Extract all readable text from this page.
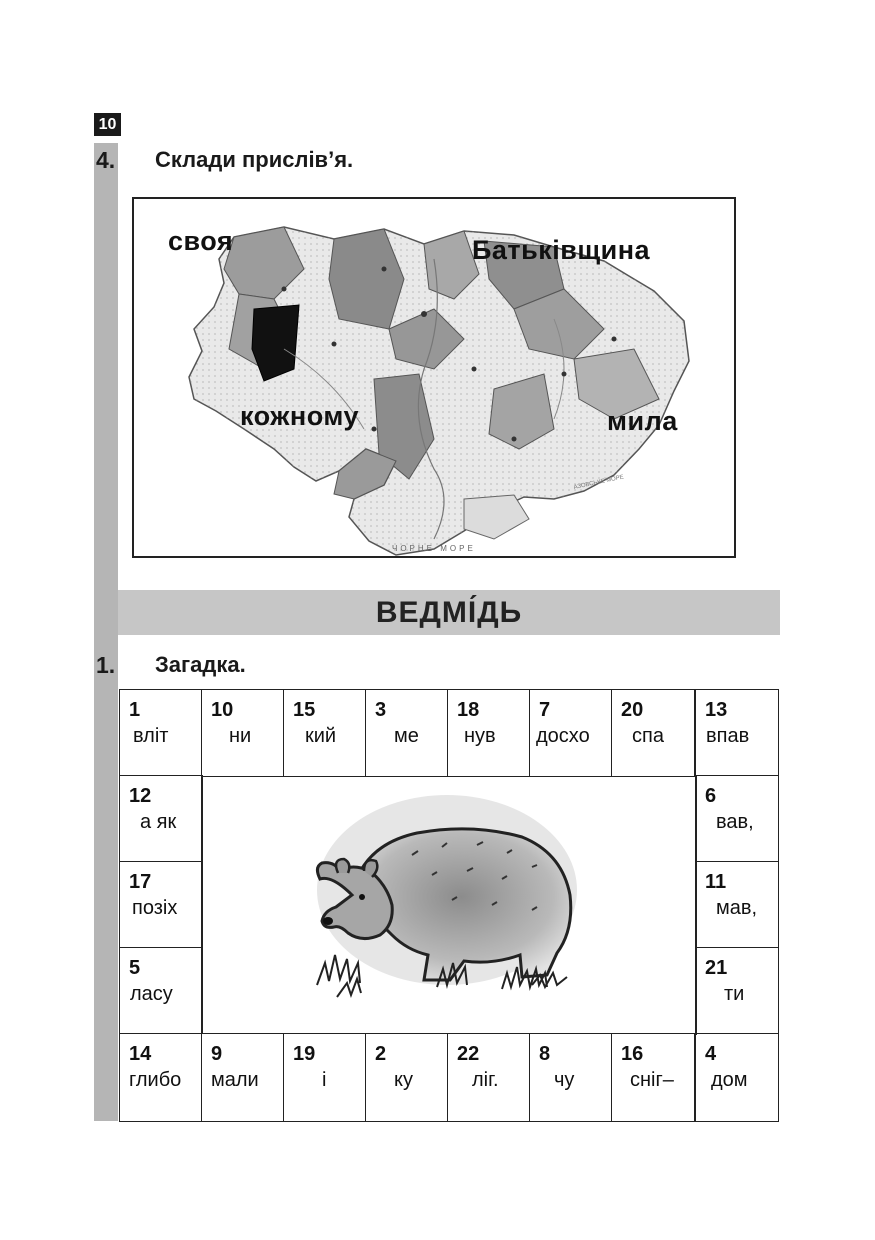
10
4. Склади прислів’я.
ЧОРНЕ МОРЕ
АЗОВСЬКЕ МОРЕ
своя	Батьківщина
кожному	мила
ВЕДМІ́ДЬ
1. Загадка.
1
вліт
10
ни
15
кий
3
ме
18
нув
7
досхо
20
спа
13
впав
12
а як
17
позіх
5
ласу
6
вав,
11
мав,
21
ти
14
глибо
9
мали
19
і
2
ку
22
ліг.
8
чу
16
сніг–
4
дом
